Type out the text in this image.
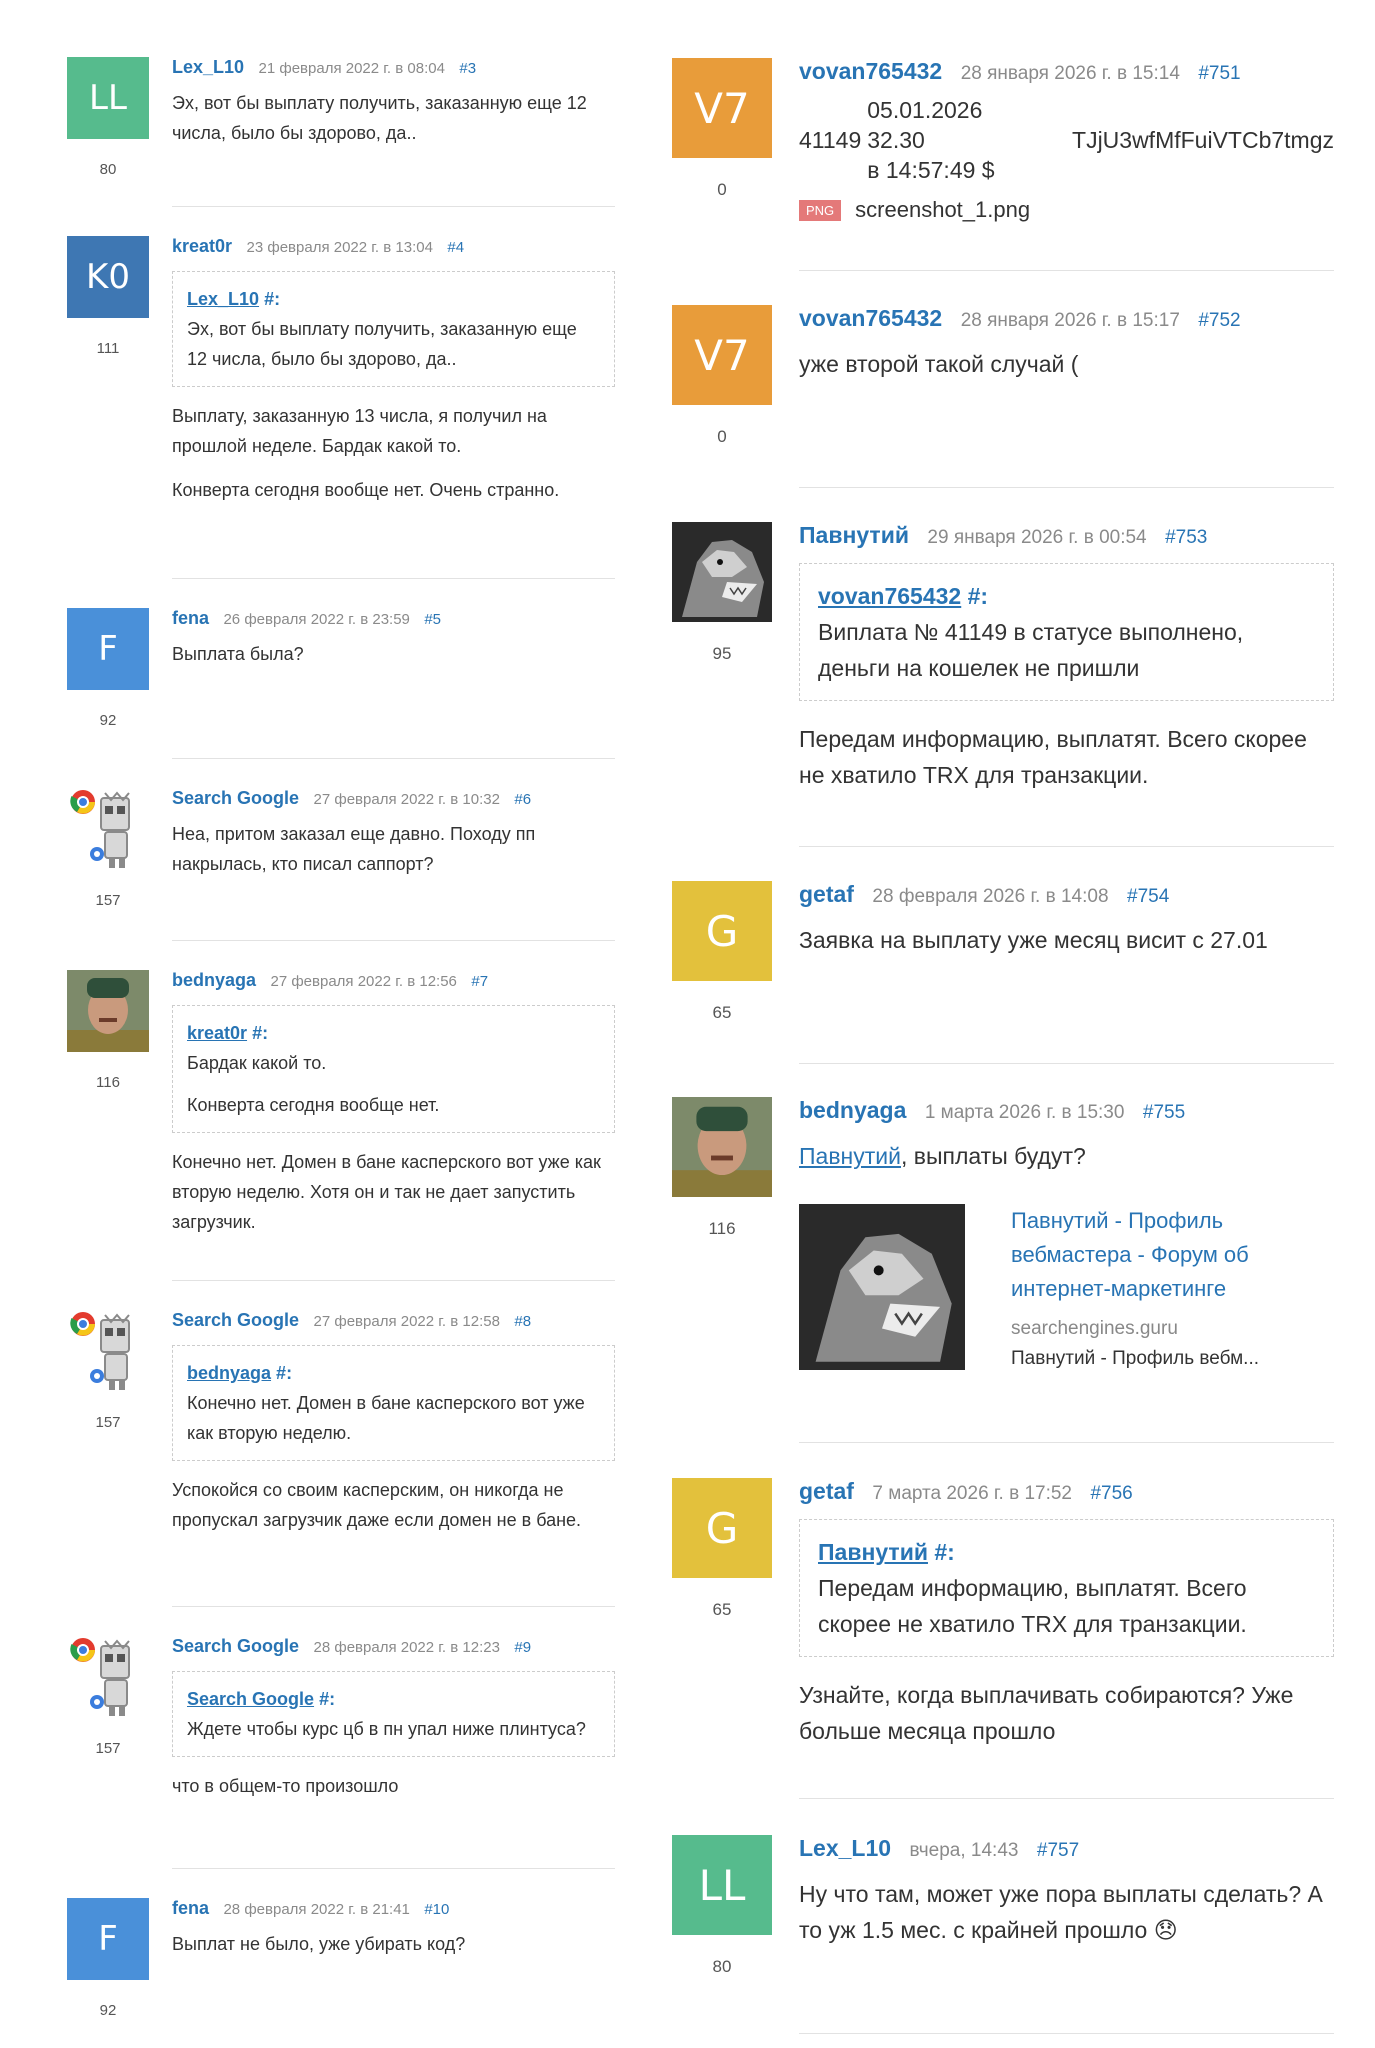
LL
80
Lex_L10 21 февраля 2022 г. в 08:04 #3

Эх, вот бы выплату получить, заказанную еще 12 числа, было бы здорово, да..

K0
111
kreat0r 23 февраля 2022 г. в 13:04 #4
Lex_L10 #:

Эх, вот бы выплату получить, заказанную еще 12 числа, было бы здорово, да..

Выплату, заказанную 13 числа, я получил на прошлой неделе. Бардак какой то.

Конверта сегодня вообще нет. Очень странно.

F
92
fena 26 февраля 2022 г. в 23:59 #5

Выплата была?

157
Search Google 27 февраля 2022 г. в 10:32 #6

Неа, притом заказал еще давно. Походу пп накрылась, кто писал саппорт?

116
bednyaga 27 февраля 2022 г. в 12:56 #7
kreat0r #:

Бардак какой то.

Конверта сегодня вообще нет.

Конечно нет. Домен в бане касперского вот уже как вторую неделю. Хотя он и так не дает запустить загрузчик.

157
Search Google 27 февраля 2022 г. в 12:58 #8
bednyaga #:

Конечно нет. Домен в бане касперского вот уже как вторую неделю.

Успокойся со своим касперским, он никогда не пропускал загрузчик даже если домен не в бане.

157
Search Google 28 февраля 2022 г. в 12:23 #9
Search Google #:

Ждете чтобы курс цб в пн упал ниже плинтуса?

что в общем-то произошло

F
92
fena 28 февраля 2022 г. в 21:41 #10

Выплат не было, уже убирать код?

V7
0
vovan765432 28 января 2026 г. в 15:14 #751
41149
05.01.2026 32.30
в 14:57:49 $
TJjU3wfMfFuiVTCb7tmgz
PNG screenshot_1.png
V7
0
vovan765432 28 января 2026 г. в 15:17 #752

уже второй такой случай (

95
Павнутий 29 января 2026 г. в 00:54 #753
vovan765432 #:

Виплата № 41149 в статусе выполнено, деньги на кошелек не пришли

Передам информацию, выплатят. Всего скорее не хватило TRX для транзакции.

G
65
getaf 28 февраля 2026 г. в 14:08 #754

Заявка на выплату уже месяц висит с 27.01

116
bednyaga 1 марта 2026 г. в 15:30 #755

Павнутий, выплаты будут?

Павнутий - Профиль вебмастера - Форум об интернет-маркетинге
searchengines.guru
Павнутий - Профиль вебм...
G
65
getaf 7 марта 2026 г. в 17:52 #756
Павнутий #:

Передам информацию, выплатят. Всего скорее не хватило TRX для транзакции.

Узнайте, когда выплачивать собираются? Уже больше месяца прошло

LL
80
Lex_L10 вчера, 14:43 #757

Ну что там, может уже пора выплаты сделать? А то уж 1.5 мес. с крайней прошло 😞
